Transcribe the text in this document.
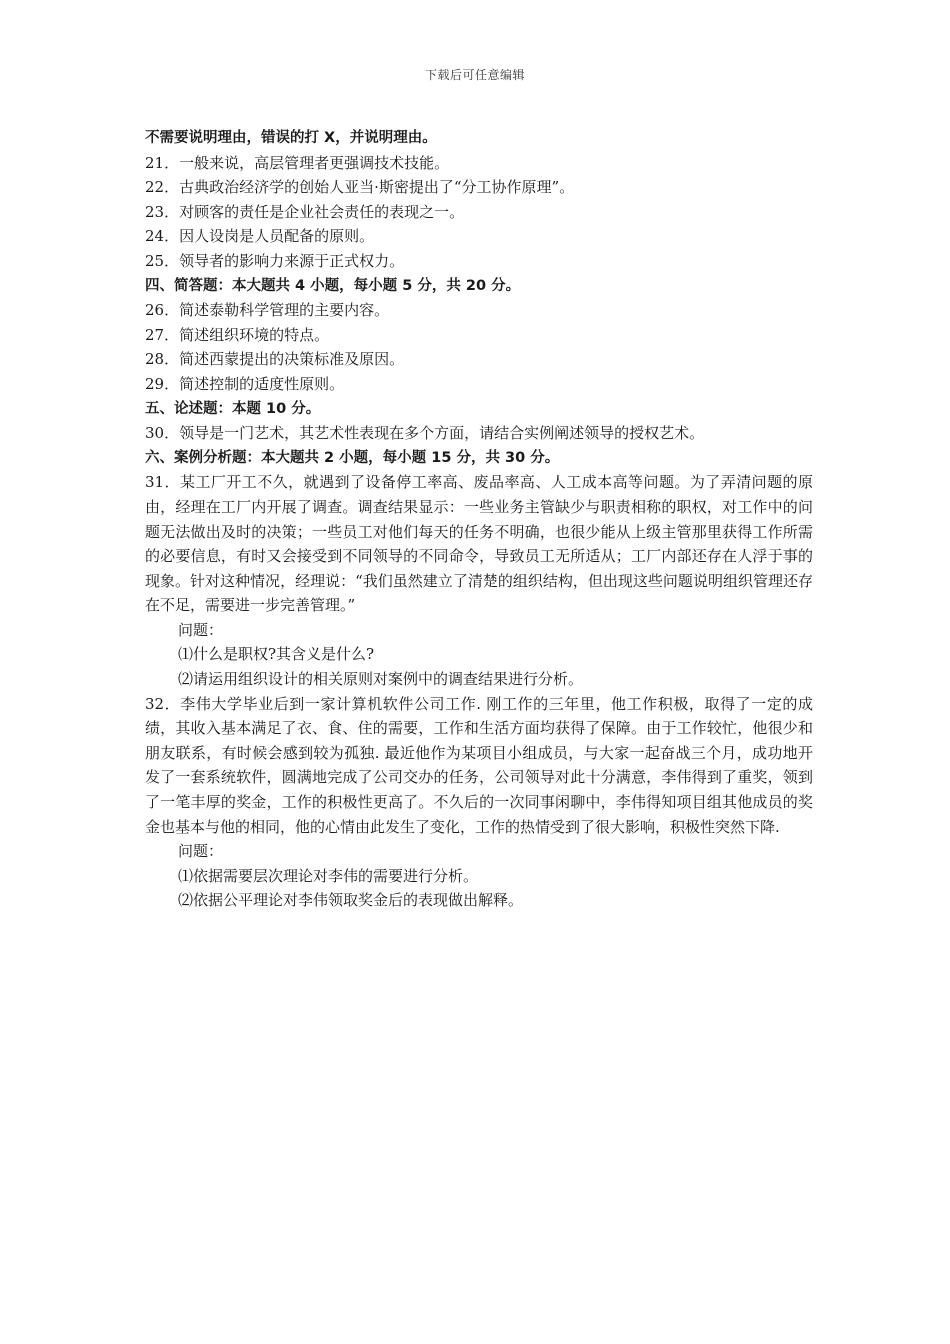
下载后可任意编辑
不需要说明理由，错误的打 X，并说明理由。
21．一般来说，高层管理者更强调技术技能。
22．古典政治经济学的创始人亚当·斯密提出了“分工协作原理”。
23．对顾客的责任是企业社会责任的表现之一。
24．因人设岗是人员配备的原则。
25．领导者的影响力来源于正式权力。
四、简答题：本大题共 4 小题，每小题 5 分，共 20 分。
26．简述泰勒科学管理的主要内容。
27．简述组织环境的特点。
28．简述西蒙提出的决策标准及原因。
29．简述控制的适度性原则。
五、论述题：本题 10 分。
30．领导是一门艺术，其艺术性表现在多个方面，请结合实例阐述领导的授权艺术。
六、案例分析题：本大题共 2 小题，每小题 15 分，共 30 分。

31．某工厂开工不久，就遇到了设备停工率高、废品率高、人工成本高等问题。为了弄清问题的原由，经理在工厂内开展了调查。调查结果显示：一些业务主管缺少与职责相称的职权，对工作中的问题无法做出及时的决策；一些员工对他们每天的任务不明确，也很少能从上级主管那里获得工作所需的必要信息，有时又会接受到不同领导的不同命令，导致员工无所适从；工厂内部还存在人浮于事的现象。针对这种情况，经理说：“我们虽然建立了清楚的组织结构，但出现这些问题说明组织管理还存在不足，需要进一步完善管理。”

问题：
⑴什么是职权?其含义是什么?
⑵请运用组织设计的相关原则对案例中的调查结果进行分析。

32．李伟大学毕业后到一家计算机软件公司工作. 刚工作的三年里，他工作积极，取得了一定的成绩，其收入基本满足了衣、食、住的需要，工作和生活方面均获得了保障。由于工作较忙，他很少和朋友联系，有时候会感到较为孤独. 最近他作为某项目小组成员，与大家一起奋战三个月，成功地开发了一套系统软件，圆满地完成了公司交办的任务，公司领导对此十分满意，李伟得到了重奖，领到了一笔丰厚的奖金，工作的积极性更高了。不久后的一次同事闲聊中，李伟得知项目组其他成员的奖金也基本与他的相同，他的心情由此发生了变化，工作的热情受到了很大影响，积极性突然下降.

问题：
⑴依据需要层次理论对李伟的需要进行分析。
⑵依据公平理论对李伟领取奖金后的表现做出解释。
